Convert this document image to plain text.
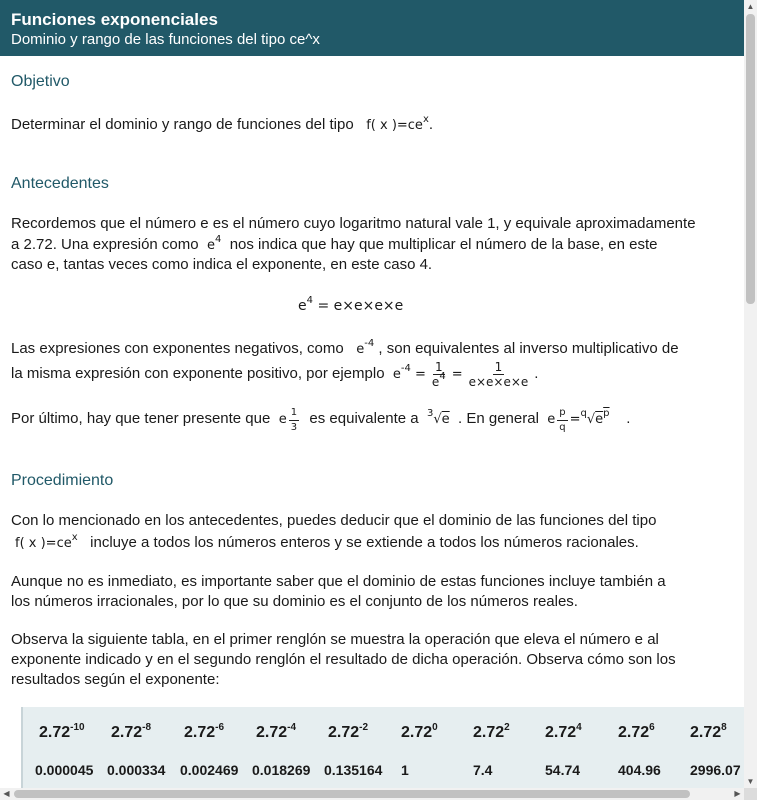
Funciones exponenciales
Dominio y rango de las funciones del tipo ce^x
Objetivo
Determinar el dominio y rango de funciones del tipo f( x )$=ce^x$.
Antecedentes
Recordemos que el número e es el número cuyo logaritmo natural vale 1, y equivale aproximadamente
a 2.72. Una expresión como $e^4$ nos indica que hay que multiplicar el número de la base, en este
caso e, tantas veces como indica el exponente, en este caso 4.
$e^4 = e\times e\times e\times e$
Las expresiones con exponentes negativos, como $e^{-4}$ , son equivalentes al inverso multiplicativo de
la misma expresión con exponente positivo, por ejemplo $e^{-4} = \frac{1}{e^4} = \frac{1}{e\times e\times e\times e}$ .
Por último, hay que tener presente que e $\frac{1}{3}$ es equivalente a $^3$√e . En general e $\frac{p}{q} =^q√e^p$ .
Procedimiento
Con lo mencionado en los antecedentes, puedes deducir que el dominio de las funciones del tipo
f( x )$=ce^x$ incluye a todos los números enteros y se extiende a todos los números racionales.
Aunque no es inmediato, es importante saber que el dominio de estas funciones incluye también a
los números irracionales, por lo que su dominio es el conjunto de los números reales.
Observa la siguiente tabla, en el primer renglón se muestra la operación que eleva el número e al
exponente indicado y en el segundo renglón el resultado de dicha operación. Observa cómo son los
resultados según el exponente:
$2.72^{-10}$ $2.72^{-8}$ $2.72^{-6}$ $2.72^{-4}$ $2.72^{-2}$ 2.72$^0$ 2.72$^2$ 2.72$^4$ 2.72$^6$ 2.72$^8$
0.000045 0.000334 0.002469 0.018269 0.135164 1	7.4	54.74	404.96 2996.07
▲
▼
◀	▶
